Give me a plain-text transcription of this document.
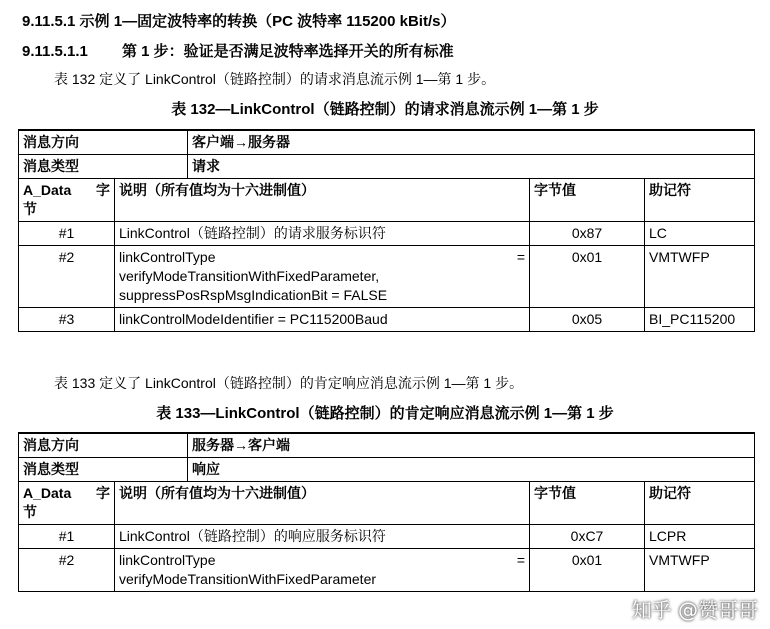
9.11.5.1 示例 1—固定波特率的转换（PC 波特率 115200 kBit/s）
9.11.5.1.1 第 1 步：验证是否满足波特率选择开关的所有标准
表 132 定义了 LinkControl（链路控制）的请求消息流示例 1—第 1 步。
表 132—LinkControl（链路控制）的请求消息流示例 1—第 1 步
消息方向		客户端→服务器		
消息类型		请求		

A_Data 字
节	说明（所有值均为十六进制值）		字节值	助记符
#1	LinkControl（链路控制）的请求服务标识符		0x87	LC
#2	linkControlType =
verifyModeTransitionWithFixedParameter,
suppressPosRspMsgIndicationBit = FALSE		0x01	VMTWFP
#3	linkControlModeIdentifier = PC115200Baud		0x05	BI_PC115200
表 133 定义了 LinkControl（链路控制）的肯定响应消息流示例 1—第 1 步。
表 133—LinkControl（链路控制）的肯定响应消息流示例 1—第 1 步
消息方向		服务器→客户端		
消息类型		响应		

A_Data 字
节	说明（所有值均为十六进制值）		字节值	助记符
#1	LinkControl（链路控制）的响应服务标识符		0xC7	LCPR
#2	linkControlType =
verifyModeTransitionWithFixedParameter		0x01	VMTWFP
知乎 @赞哥哥
